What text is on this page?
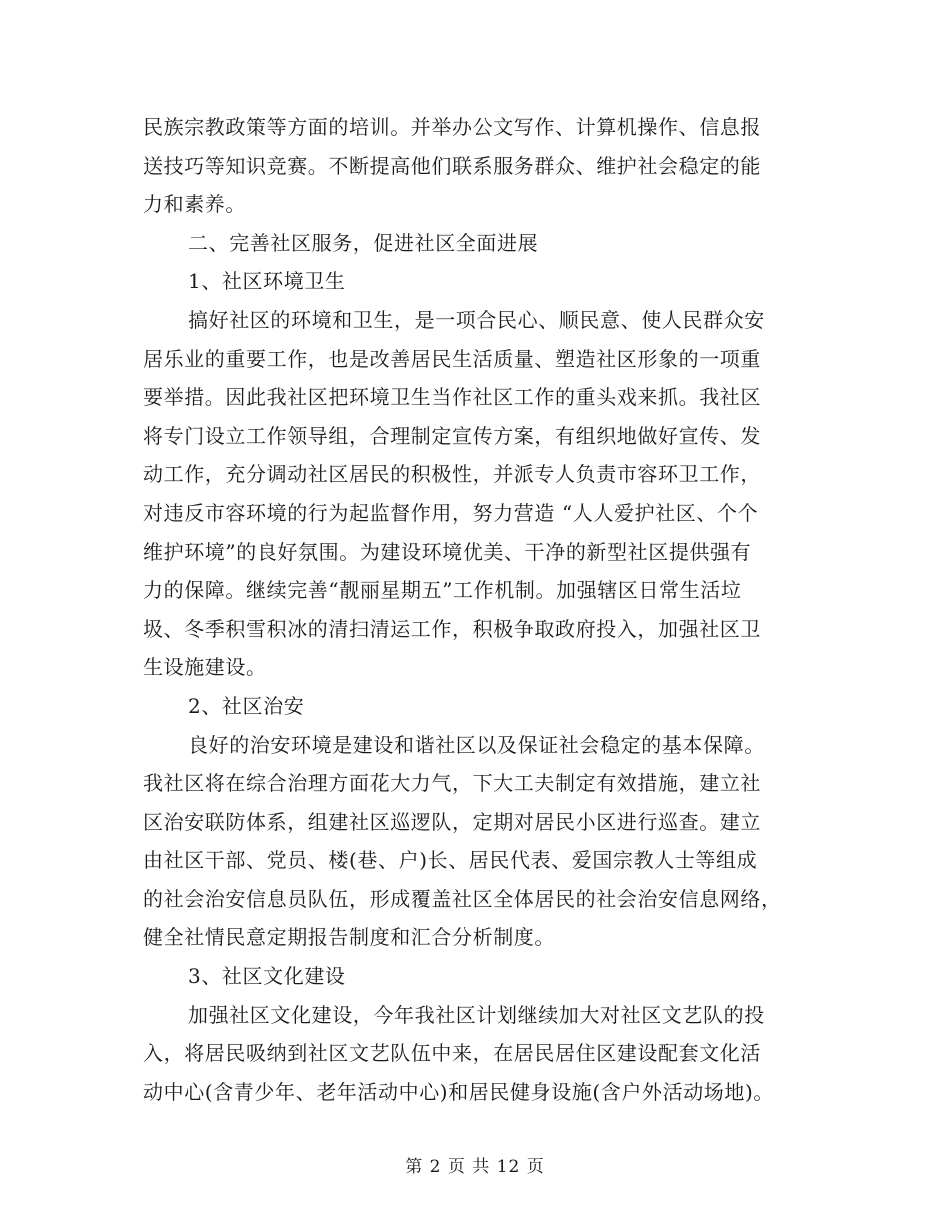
民族宗教政策等方面的培训。并举办公文写作、计算机操作、信息报
送技巧等知识竞赛。不断提高他们联系服务群众、维护社会稳定的能
力和素养。
二、完善社区服务，促进社区全面进展
1、社区环境卫生
搞好社区的环境和卫生，是一项合民心、顺民意、使人民群众安
居乐业的重要工作，也是改善居民生活质量、塑造社区形象的一项重
要举措。因此我社区把环境卫生当作社区工作的重头戏来抓。我社区
将专门设立工作领导组，合理制定宣传方案，有组织地做好宣传、发
动工作，充分调动社区居民的积极性，并派专人负责市容环卫工作，
对违反市容环境的行为起监督作用，努力营造 “人人爱护社区、个个
维护环境”的良好氛围。为建设环境优美、干净的新型社区提供强有
力的保障。继续完善“靓丽星期五”工作机制。加强辖区日常生活垃
圾、冬季积雪积冰的清扫清运工作，积极争取政府投入，加强社区卫
生设施建设。
2、社区治安
良好的治安环境是建设和谐社区以及保证社会稳定的基本保障。
我社区将在综合治理方面花大力气，下大工夫制定有效措施，建立社
区治安联防体系，组建社区巡逻队，定期对居民小区进行巡查。建立
由社区干部、党员、楼(巷、户)长、居民代表、爱国宗教人士等组成
的社会治安信息员队伍，形成覆盖社区全体居民的社会治安信息网络，
健全社情民意定期报告制度和汇合分析制度。
3、社区文化建设
加强社区文化建设，今年我社区计划继续加大对社区文艺队的投
入，将居民吸纳到社区文艺队伍中来，在居民居住区建设配套文化活
动中心(含青少年、老年活动中心)和居民健身设施(含户外活动场地)。
第 2 页 共 12 页
